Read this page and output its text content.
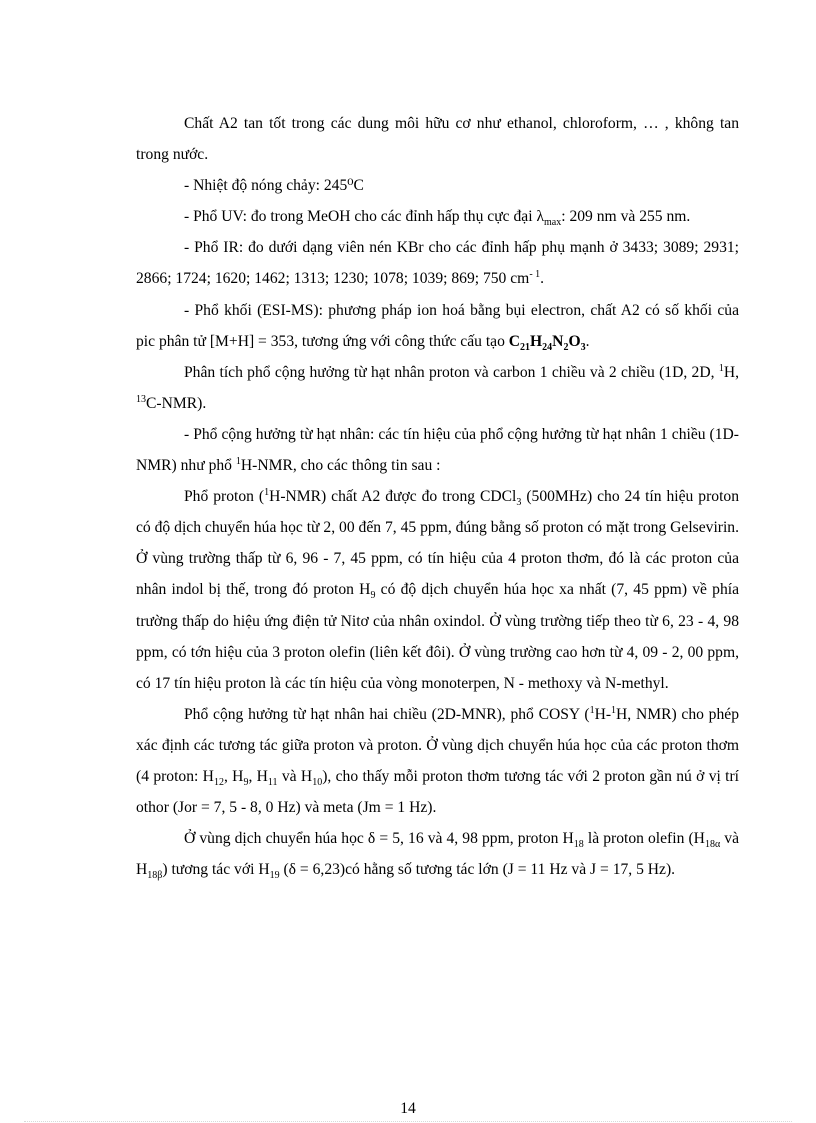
Chất A2 tan tốt trong các dung môi hữu cơ như ethanol, chloroform, … , không tan trong nước.

- Nhiệt độ nóng chảy: 245⁰C

- Phổ UV: đo trong MeOH cho các đỉnh hấp thụ cực đại $\lambda_{max}$: 209 nm và 255 nm.

- Phổ IR: đo dưới dạng viên nén KBr cho các đỉnh hấp phụ mạnh ở 3433; 3089; 2931; 2866; 1724; 1620; 1462; 1313; 1230; 1078; 1039; 869; 750 $cm^{- 1}$.

- Phổ khối (ESI-MS): phương pháp ion hoá bằng bụi electron, chất A2 có số khối của pic phân tử [M+H] = 353, tương ứng với công thức cấu tạo $C_{21}H_{24}N_2O_3$.

Phân tích phổ cộng hưởng từ hạt nhân proton và carbon 1 chiều và 2 chiều (1D, 2D, $^1$H, $^{13}$C-NMR).

- Phổ cộng hưởng từ hạt nhân: các tín hiệu của phổ cộng hưởng từ hạt nhân 1 chiều (1D-NMR) như phổ $^1$H-NMR, cho các thông tin sau :

Phổ proton ($^1$H-NMR) chất A2 được đo trong CDCl$_3$ (500MHz) cho 24 tín hiệu proton có độ dịch chuyển húa học từ 2, 00 đến 7, 45 ppm, đúng bằng số proton có mặt trong Gelsevirin. Ở vùng trường thấp từ 6, 96 - 7, 45 ppm, có tín hiệu của 4 proton thơm, đó là các proton của nhân indol bị thế, trong đó proton $H_9$ có độ dịch chuyển húa học xa nhất (7, 45 ppm) về phía trường thấp do hiệu ứng điện tử Nitơ của nhân oxindol. Ở vùng trường tiếp theo từ 6, 23 - 4, 98 ppm, có tớn hiệu của 3 proton olefin (liên kết đôi). Ở vùng trường cao hơn từ 4, 09 - 2, 00 ppm, có 17 tín hiệu proton là các tín hiệu của vòng monoterpen, N - methoxy và N-methyl.

Phổ cộng hưởng từ hạt nhân hai chiều (2D-MNR), phổ COSY ($^1$H-$^1$H, NMR) cho phép xác định các tương tác giữa proton và proton. Ở vùng dịch chuyển húa học của các proton thơm (4 proton: $H_{12}$, $H_9$, $H_{11}$ và $H_{10}$), cho thấy mỗi proton thơm tương tác với 2 proton gần nú ở vị trí othor (Jor = 7, 5 - 8, 0 Hz) và meta (Jm = 1 Hz).

Ở vùng dịch chuyển húa học δ = 5, 16 và 4, 98 ppm, proton $H_{18}$ là proton olefin ($H_{18\alpha}$ và $H_{18\beta}$) tương tác với $H_{19}$ (δ = 6,23)có hằng số tương tác lớn (J = 11 Hz và J = 17, 5 Hz).

14
